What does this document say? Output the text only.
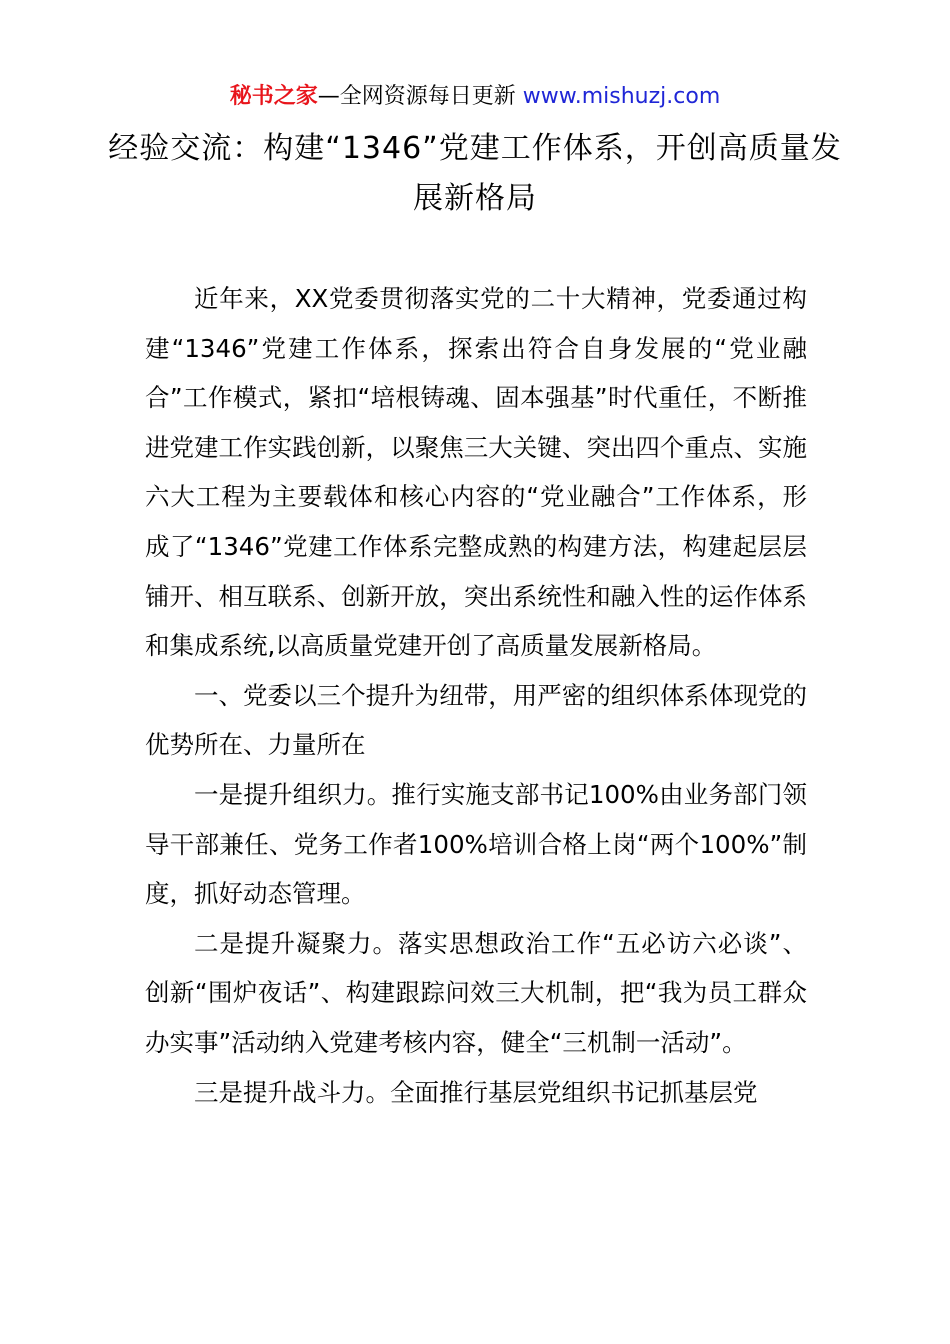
秘书之家—全网资源每日更新 www.mishuzj.com
经验交流：构建“1346”党建工作体系，开创高质量发展新格局

近年来，XX党委贯彻落实党的二十大精神，党委通过构建“1346”党建工作体系，探索出符合自身发展的“党业融合”工作模式，紧扣“培根铸魂、固本强基”时代重任，不断推进党建工作实践创新，以聚焦三大关键、突出四个重点、实施六大工程为主要载体和核心内容的“党业融合”工作体系，形成了“1346”党建工作体系完整成熟的构建方法，构建起层层铺开、相互联系、创新开放，突出系统性和融入性的运作体系和集成系统,以高质量党建开创了高质量发展新格局。

一、党委以三个提升为纽带，用严密的组织体系体现党的优势所在、力量所在

一是提升组织力。推行实施支部书记100%由业务部门领导干部兼任、党务工作者100%培训合格上岗“两个100%”制度，抓好动态管理。

二是提升凝聚力。落实思想政治工作“五必访六必谈”、创新“围炉夜话”、构建跟踪问效三大机制，把“我为员工群众办实事”活动纳入党建考核内容，健全“三机制一活动”。

三是提升战斗力。全面推行基层党组织书记抓基层党
